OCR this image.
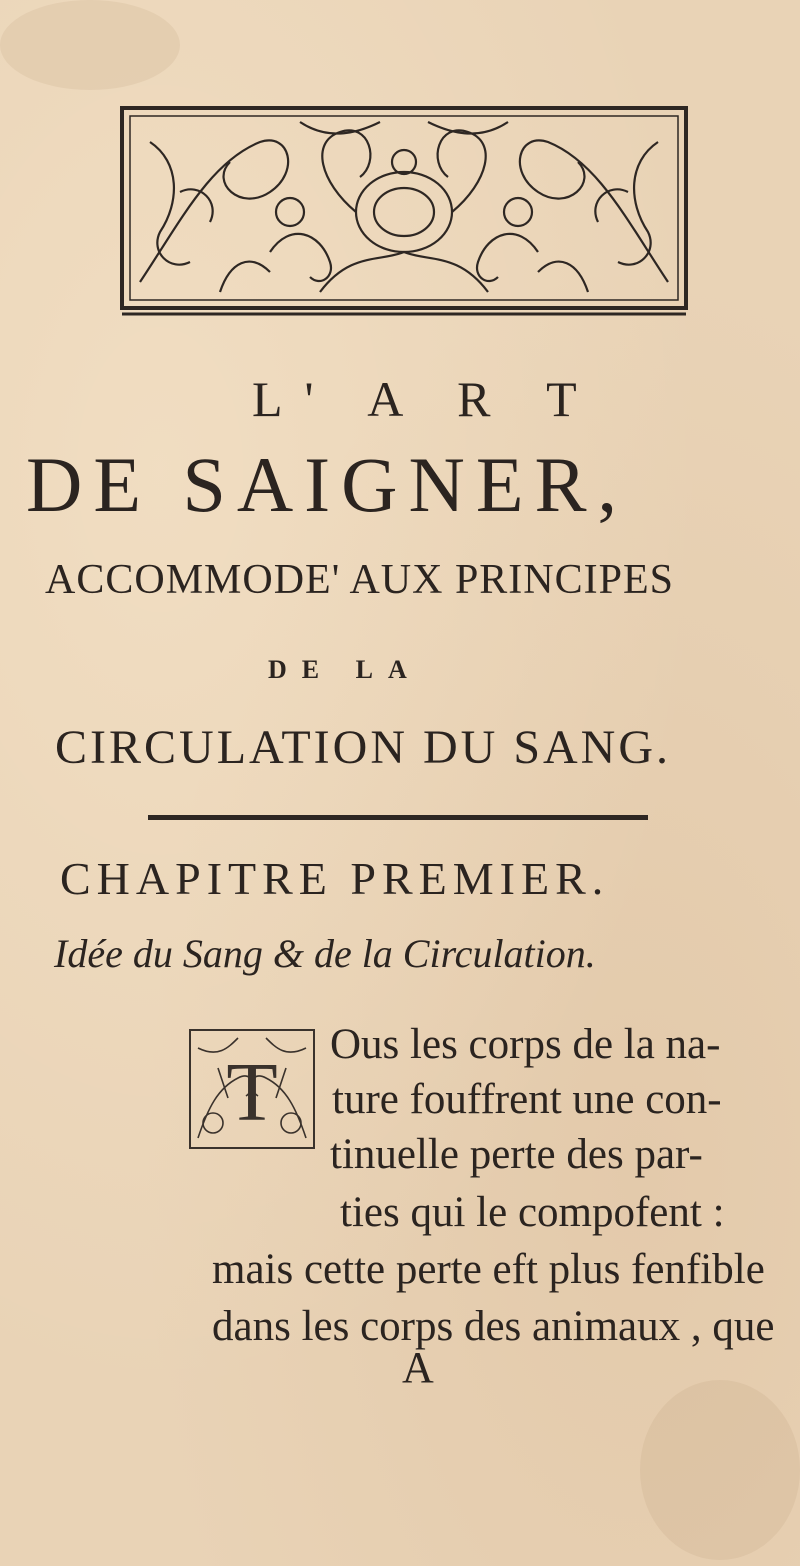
L' A R T
DE SAIGNER,
ACCOMMODE' AUX PRINCIPES
DE LA
CIRCULATION DU SANG.
CHAPITRE PREMIER.
Idée du Sang & de la Circulation.
T
Ous les corps de la na-
ture fouffrent une con-
tinuelle perte des par-
ties qui le compofent :
mais cette perte eft plus fenfible
dans les corps des animaux , que
A
